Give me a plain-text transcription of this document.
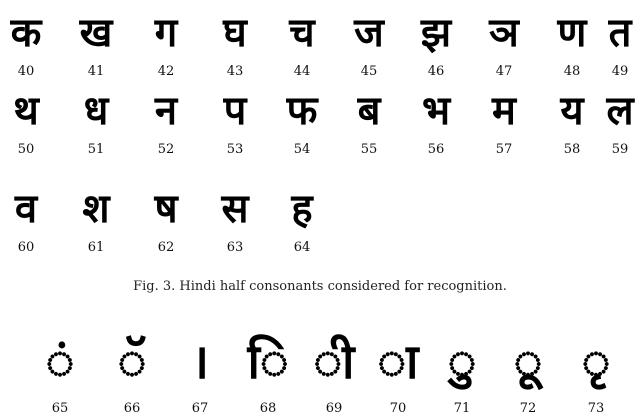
क
40
ख
41
ग
42
घ
43
च
44
ज
45
झ
46
ञ
47
ण
48
त
49
थ
50
ध
51
न
52
प
53
फ
54
ब
55
भ
56
म
57
य
58
ल
59
व
60
श
61
ष
62
स
63
ह
64
Fig. 3. Hindi half consonants considered for recognition.
ं
65
ॅ
66
।
67
ि
68
ी
69
ा
70
ु
71
ू
72
ृ
73
